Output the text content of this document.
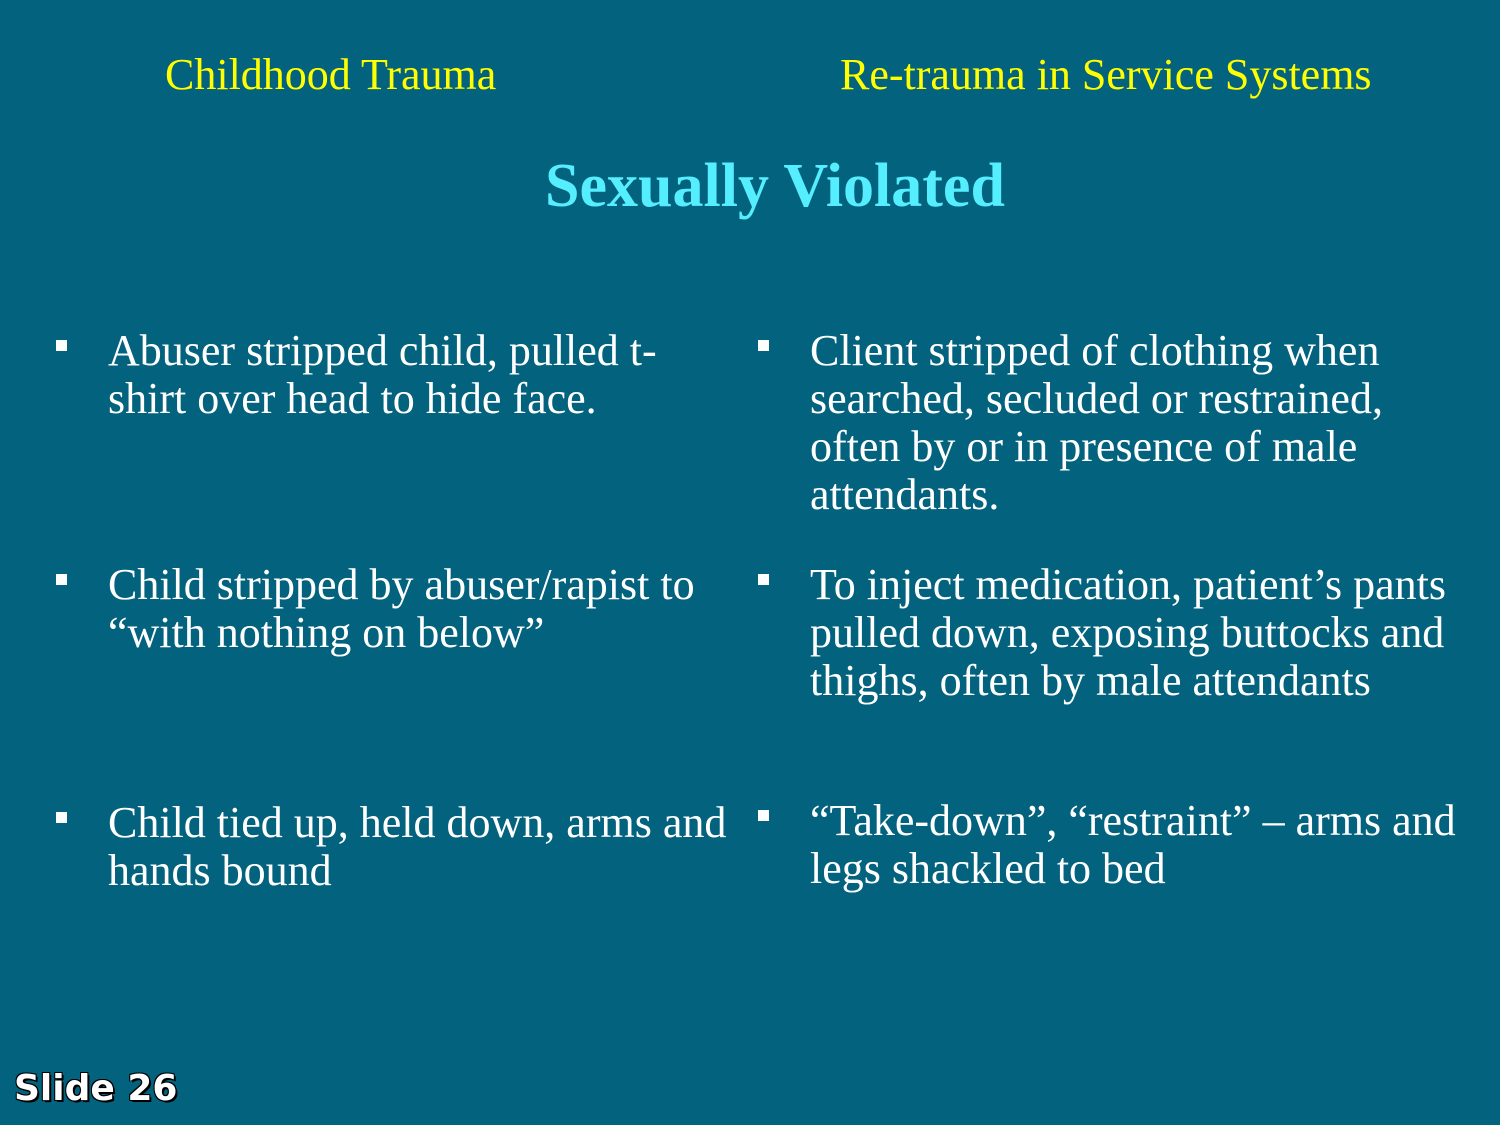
Childhood Trauma	Re-trauma in Service Systems
Sexually Violated
Abuser stripped child, pulled t-shirt over head to hide face.
Child stripped by abuser/rapist to “with nothing on below”
Child tied up, held down, arms and hands bound
Client stripped of clothing when searched, secluded or restrained, often by or in presence of male attendants.
To inject medication, patient’s pants pulled down, exposing buttocks and thighs, often by male attendants
“Take-down”, “restraint” – arms and legs shackled to bed
Slide 26
